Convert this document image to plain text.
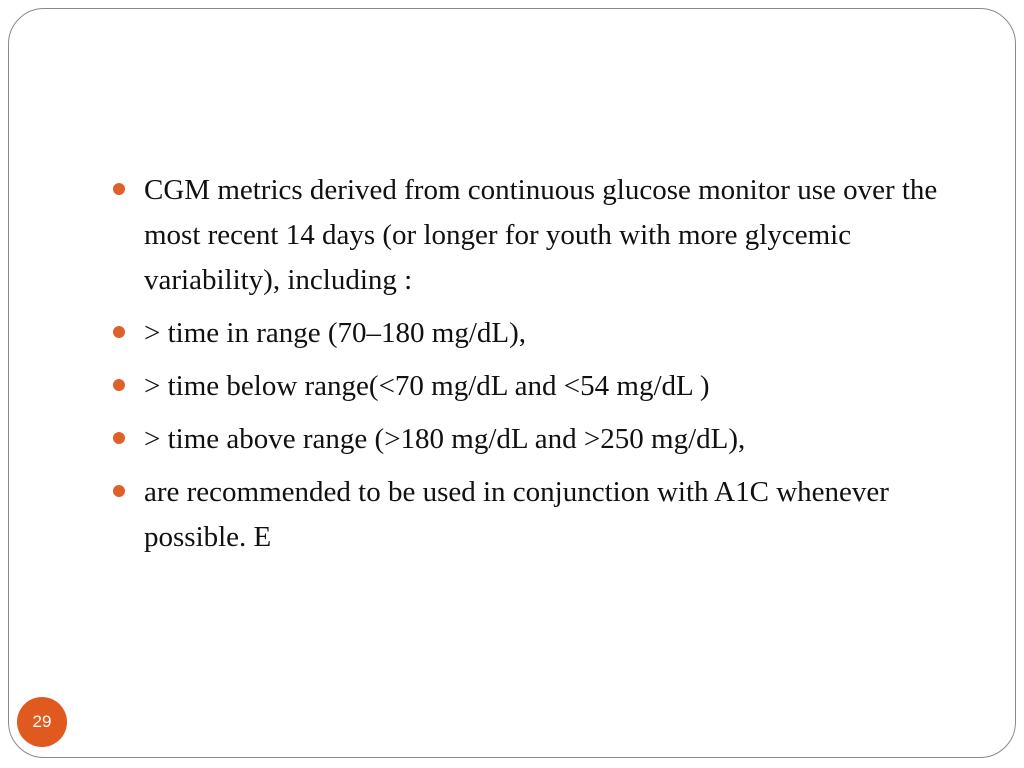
CGM metrics derived from continuous glucose monitor use over the most recent 14 days (or longer for youth with more glycemic variability), including :
> time in range (70–180 mg/dL),
> time below range(<70 mg/dL and <54 mg/dL )
> time above range (>180 mg/dL and >250 mg/dL),
are recommended to be used in conjunction with A1C whenever possible. E
29
